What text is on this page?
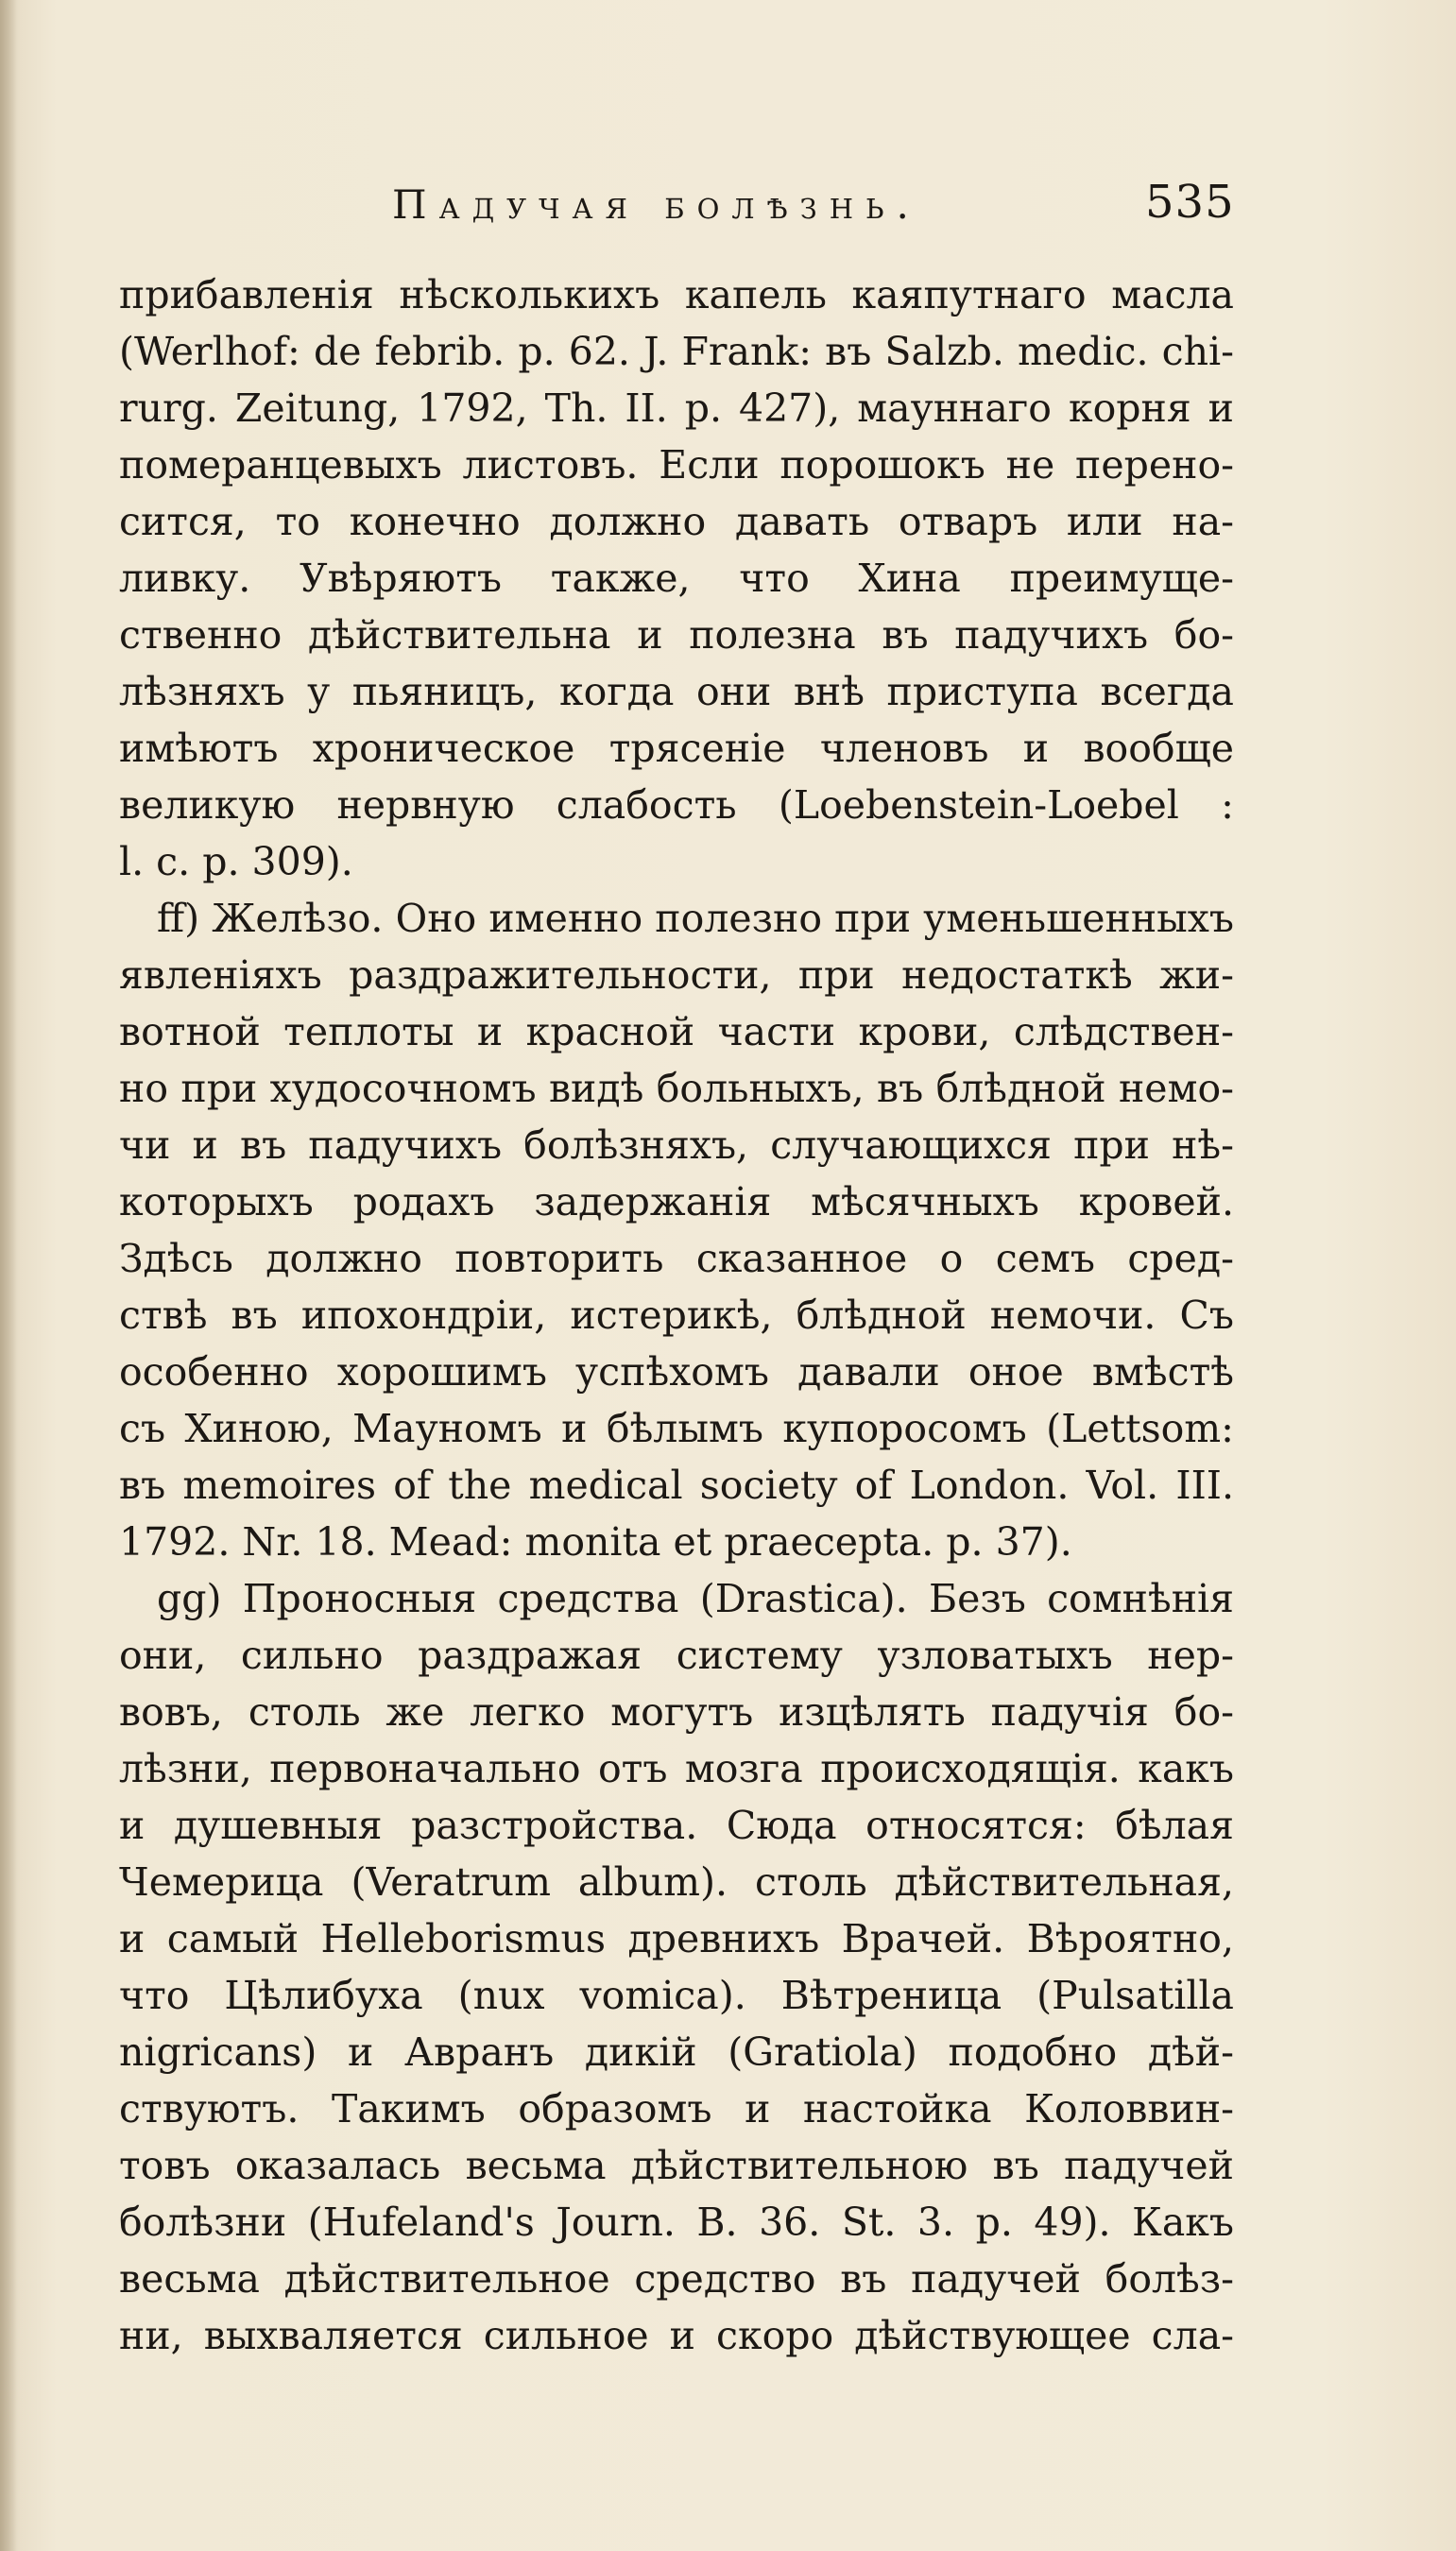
Падучая болѣзнь.	535
прибавленія нѣсколькихъ капель каяпутнаго масла
(Werlhof: de febrib. p. 62. J. Frank: въ Salzb. medic. chi-
rurg. Zeitung, 1792, Th. II. p. 427), мауннаго корня и
померанцевыхъ листовъ. Если порошокъ не перено-
сится, то конечно должно давать отваръ или на-
ливку. Увѣряютъ также, что Хина преимуще-
ственно дѣйствительна и полезна въ падучихъ бо-
лѣзняхъ у пьяницъ, когда они внѣ приступа всегда
имѣютъ хроническое трясеніе членовъ и вообще
великую нервную слабость (Loebenstein-Loebel :
l. c. p. 309).
ff) Желѣзо. Оно именно полезно при уменьшенныхъ
явленіяхъ раздражительности, при недостаткѣ жи-
вотной теплоты и красной части крови, слѣдствен-
но при худосочномъ видѣ больныхъ, въ блѣдной немо-
чи и въ падучихъ болѣзняхъ, случающихся при нѣ-
которыхъ родахъ задержанія мѣсячныхъ кровей.
Здѣсь должно повторить сказанное о семъ сред-
ствѣ въ ипохондріи, истерикѣ, блѣдной немочи. Съ
особенно хорошимъ успѣхомъ давали оное вмѣстѣ
съ Хиною, Мауномъ и бѣлымъ купоросомъ (Lettsom:
въ memoires of the medical society of London. Vol. III.
1792. Nr. 18. Mead: monita et praecepta. p. 37).
gg) Проносныя средства (Drastica). Безъ сомнѣнія
они, сильно раздражая систему узловатыхъ нер-
вовъ, столь же легко могутъ изцѣлять падучія бо-
лѣзни, первоначально отъ мозга происходящія. какъ
и душевныя разстройства. Сюда относятся: бѣлая
Чемерица (Veratrum album). столь дѣйствительная,
и самый Helleborismus древнихъ Врачей. Вѣроятно,
что Цѣлибуха (nux vomica). Вѣтреница (Pulsatilla
nigricans) и Авранъ дикій (Gratiola) подобно дѣй-
ствуютъ. Такимъ образомъ и настойка Коловвин-
товъ оказалась весьма дѣйствительною въ падучей
болѣзни (Hufeland's Journ. B. 36. St. 3. p. 49). Какъ
весьма дѣйствительное средство въ падучей болѣз-
ни, выхваляется сильное и скоро дѣйствующее сла-
